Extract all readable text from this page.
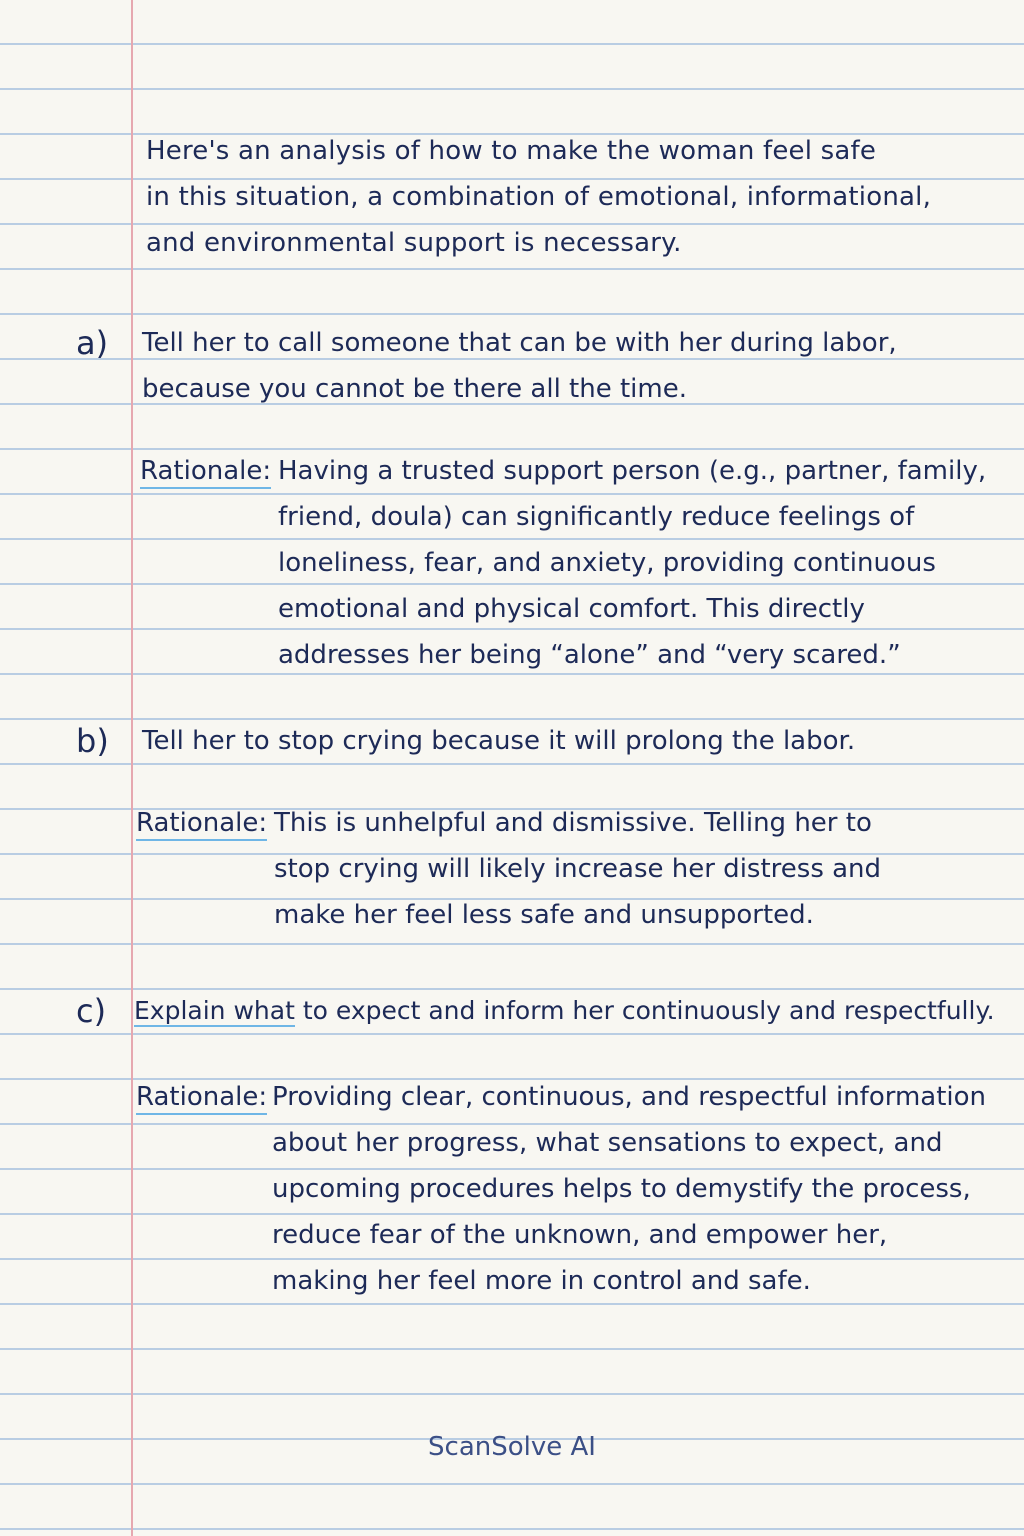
Here's an analysis of how to make the woman feel safe
in this situation, a combination of emotional, informational,
and environmental support is necessary.
a) Tell her to call someone that can be with her during labor,
because you cannot be there all the time.
Rationale: Having a trusted support person (e.g., partner, family,
friend, doula) can significantly reduce feelings of
loneliness, fear, and anxiety, providing continuous
emotional and physical comfort. This directly
addresses her being “alone” and “very scared.”
b) Tell her to stop crying because it will prolong the labor.
Rationale: This is unhelpful and dismissive. Telling her to
stop crying will likely increase her distress and
make her feel less safe and unsupported.
c) Explain what to expect and inform her continuously and respectfully.
Rationale: Providing clear, continuous, and respectful information
about her progress, what sensations to expect, and
upcoming procedures helps to demystify the process,
reduce fear of the unknown, and empower her,
making her feel more in control and safe.
ScanSolve AI
